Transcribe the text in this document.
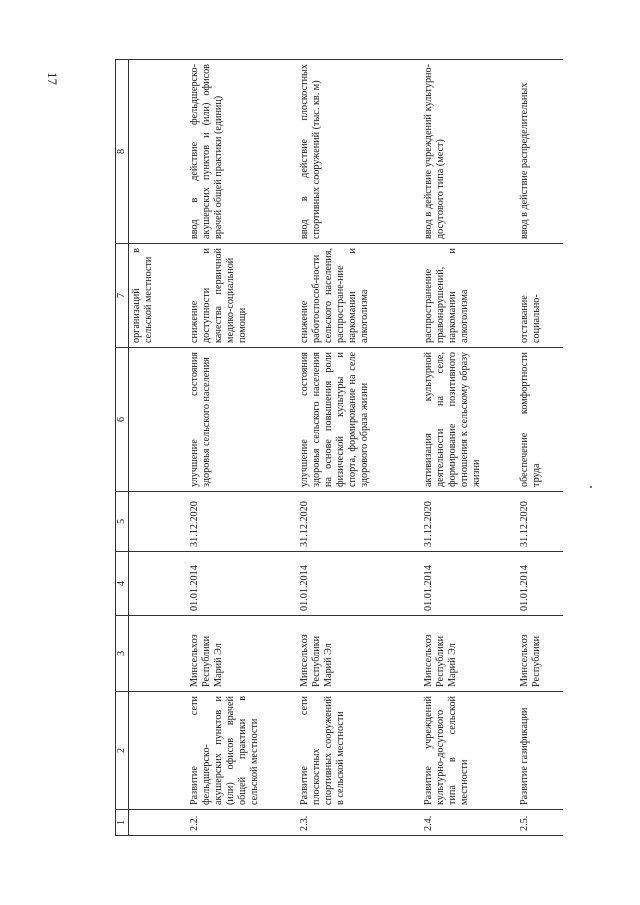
17
1	2	3	4	5	6	7	8
						организаций в сельской местности	
2.2.	Развитие сети фельдшерско-акушерских пунктов и (или) офисов врачей общей практики в сельской местности	Минсельхоз Республики Марий Эл	01.01.2014	31.12.2020	улучшение состояния здоровья сельского населения	снижение доступности и качества первичной медико-социальной помощи	ввод в действие фельдшерско-акушерских пунктов и (или) офисов врачей общей практики (единиц)
2.3.	Развитие сети плоскостных спортивных сооружений в сельской местности	Минсельхоз Республики Марий Эл	01.01.2014	31.12.2020	улучшение состояния здоровья сельского населения на основе повышения роли физической культуры и спорта, формирование на селе здорового образа жизни	снижение работоспособ-ности сельского населения, распростране-ние наркомании и алкоголизма	ввод в действие плоскостных спортивных сооружений (тыс. кв. м)
2.4.	Развитие учреждений культурно-досугового типа в сельской местности	Минсельхоз Республики Марий Эл	01.01.2014	31.12.2020	активизация культурной деятельности на селе, формирование позитивного отношения к сельскому образу жизни	распространение правонарушений, наркомании и алкоголизма	ввод в действие учреждений культурно-досугового типа (мест)
2.5.	Развитие газификации	Минсельхоз Республики	01.01.2014	31.12.2020	обеспечение комфортности труда	отставание социально-	ввод в действие распределительных
